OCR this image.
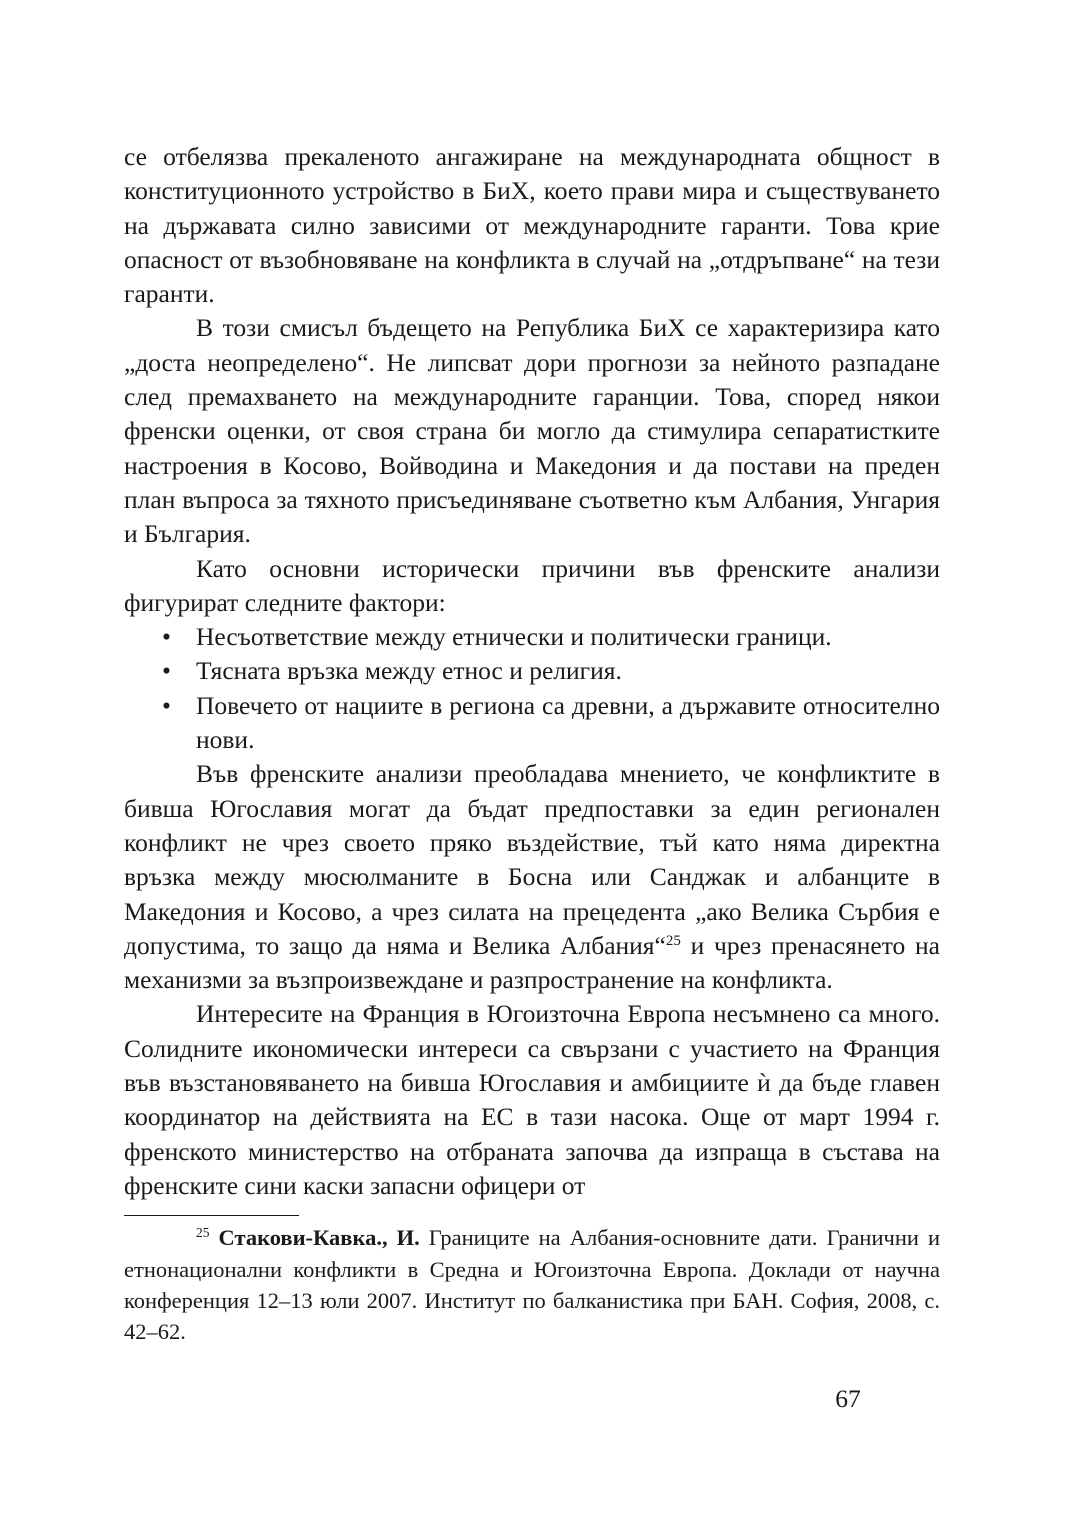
се отбелязва прекаленото ангажиране на международната общност в конституционното устройство в БиХ, което прави мира и съществуването на държавата силно зависими от международните гаранти. Това крие опасност от възобновяване на конфликта в случай на „отдръпване“ на тези гаранти.

В този смисъл бъдещето на Република БиХ се характеризира като „доста неопределено“. Не липсват дори прогнози за нейното разпадане след премахването на международните гаранции. Това, според някои френски оценки, от своя страна би могло да стимулира сепаратистките настроения в Косово, Войводина и Македония и да постави на преден план въпроса за тяхното присъединяване съответно към Албания, Унгария и България.

Като основни исторически причини във френските анализи фигурират следните фактори:

• Несъответствие между етнически и политически граници.
• Тясната връзка между етнос и религия.
• Повечето от нациите в региона са древни, а държавите относително нови.

Във френските анализи преобладава мнението, че конфликтите в бивша Югославия могат да бъдат предпоставки за един регионален конфликт не чрез своето пряко въздействие, тъй като няма директна връзка между мюсюлманите в Босна или Санджак и албанците в Македония и Косово, а чрез силата на прецедента „ако Велика Сърбия е допустима, то защо да няма и Велика Албания“$^{25}$ и чрез пренасянето на механизми за възпроизвеждане и разпространение на конфликта.

Интересите на Франция в Югоизточна Европа несъмнено са много. Солидните икономически интереси са свързани с участието на Франция във възстановяването на бивша Югославия и амбициите ѝ да бъде главен координатор на действията на ЕС в тази насока. Още от март 1994 г. френското министерство на отбраната започва да изпраща в състава на френските сини каски запасни офицери от

$^{25}$ Стакови-Кавка., И. Границите на Албания-основните дати. Гранични и етнонационални конфликти в Средна и Югоизточна Европа. Доклади от научна конференция 12–13 юли 2007. Институт по балканистика при БАН. София, 2008, с. 42–62.

67
